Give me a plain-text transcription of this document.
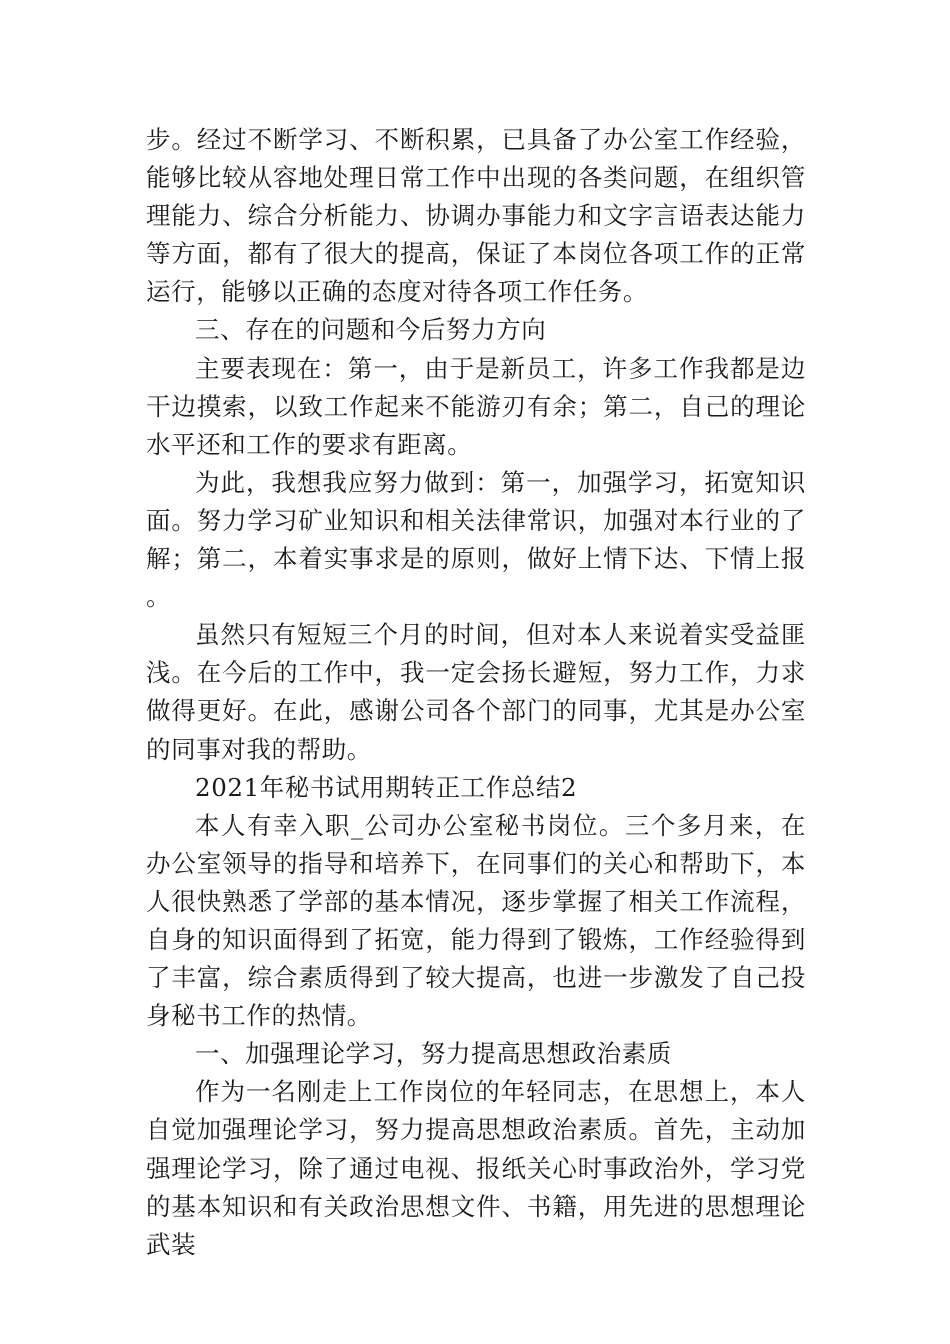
步。经过不断学习、不断积累，已具备了办公室工作经验，能够比较从容地处理日常工作中出现的各类问题，在组织管理能力、综合分析能力、协调办事能力和文字言语表达能力等方面，都有了很大的提高，保证了本岗位各项工作的正常运行，能够以正确的态度对待各项工作任务。

三、存在的问题和今后努力方向

主要表现在：第一，由于是新员工，许多工作我都是边干边摸索，以致工作起来不能游刃有余；第二，自己的理论水平还和工作的要求有距离。

为此，我想我应努力做到：第一，加强学习，拓宽知识面。努力学习矿业知识和相关法律常识，加强对本行业的了解；第二，本着实事求是的原则，做好上情下达、下情上报。

虽然只有短短三个月的时间，但对本人来说着实受益匪浅。在今后的工作中，我一定会扬长避短，努力工作，力求做得更好。在此，感谢公司各个部门的同事，尤其是办公室的同事对我的帮助。

2021年秘书试用期转正工作总结2

本人有幸入职_公司办公室秘书岗位。三个多月来，在办公室领导的指导和培养下，在同事们的关心和帮助下，本人很快熟悉了学部的基本情况，逐步掌握了相关工作流程，自身的知识面得到了拓宽，能力得到了锻炼，工作经验得到了丰富，综合素质得到了较大提高，也进一步激发了自己投身秘书工作的热情。

一、加强理论学习，努力提高思想政治素质

作为一名刚走上工作岗位的年轻同志，在思想上，本人自觉加强理论学习，努力提高思想政治素质。首先，主动加强理论学习，除了通过电视、报纸关心时事政治外，学习党的基本知识和有关政治思想文件、书籍，用先进的思想理论武装
